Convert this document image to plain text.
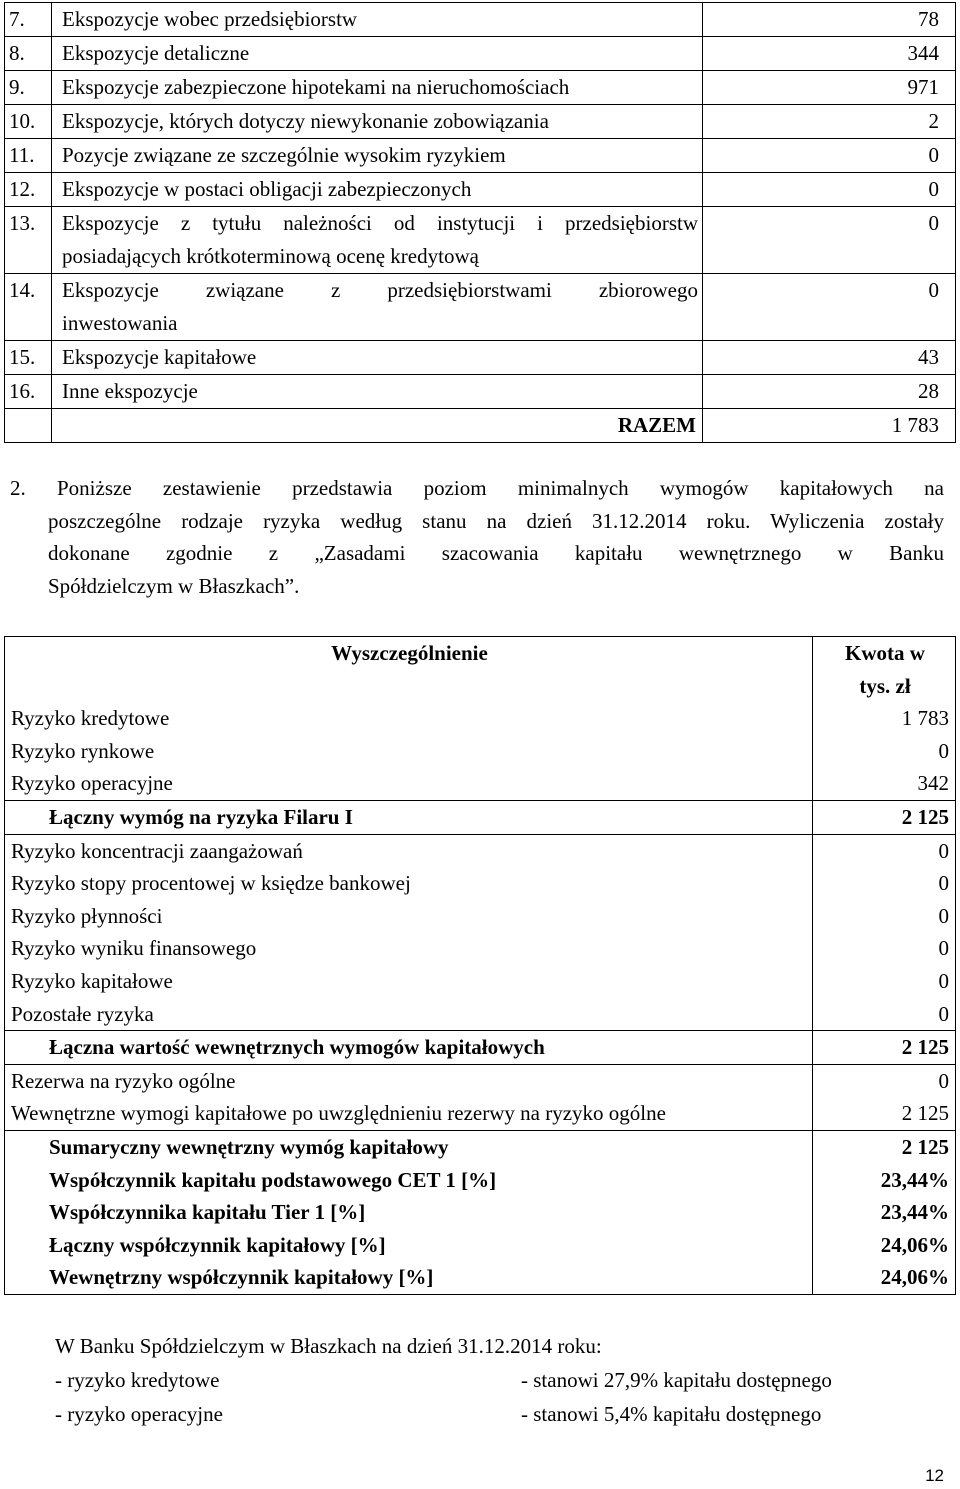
7.	Ekspozycje wobec przedsiębiorstw	78
8.	Ekspozycje detaliczne	344
9.	Ekspozycje zabezpieczone hipotekami na nieruchomościach	971
10.	Ekspozycje, których dotyczy niewykonanie zobowiązania	2
11.	Pozycje związane ze szczególnie wysokim ryzykiem	0
12.	Ekspozycje w postaci obligacji zabezpieczonych	0
13.	Ekspozycje z tytułu należności od instytucji i przedsiębiorstw
posiadających krótkoterminową ocenę kredytową	0
14.	Ekspozycje związane z przedsiębiorstwami zbiorowego
inwestowania	0
15.	Ekspozycje kapitałowe	43
16.	Inne ekspozycje	28
	RAZEM	1 783
2. Poniższe zestawienie przedstawia poziom minimalnych wymogów kapitałowych na
poszczególne rodzaje ryzyka według stanu na dzień 31.12.2014 roku. Wyliczenia zostały
dokonane zgodnie z „Zasadami szacowania kapitału wewnętrznego w Banku
Spółdzielczym w Błaszkach”.
Wyszczególnienie	Kwota w
tys. zł

Ryzyko kredytowe	1 783
Ryzyko rynkowe	0
Ryzyko operacyjne	342
Łączny wymóg na ryzyka Filaru I	2 125
Ryzyko koncentracji zaangażowań	0
Ryzyko stopy procentowej w księdze bankowej	0
Ryzyko płynności	0
Ryzyko wyniku finansowego	0
Ryzyko kapitałowe	0
Pozostałe ryzyka	0
Łączna wartość wewnętrznych wymogów kapitałowych	2 125
Rezerwa na ryzyko ogólne	0
Wewnętrzne wymogi kapitałowe po uwzględnieniu rezerwy na ryzyko ogólne	2 125
Sumaryczny wewnętrzny wymóg kapitałowy	2 125
Współczynnik kapitału podstawowego CET 1 [%]	23,44%
Współczynnika kapitału Tier 1 [%]	23,44%
Łączny współczynnik kapitałowy [%]	24,06%
Wewnętrzny współczynnik kapitałowy [%]	24,06%
W Banku Spółdzielczym w Błaszkach na dzień 31.12.2014 roku:
- ryzyko kredytowe	- stanowi 27,9% kapitału dostępnego
- ryzyko operacyjne	- stanowi 5,4% kapitału dostępnego
12
